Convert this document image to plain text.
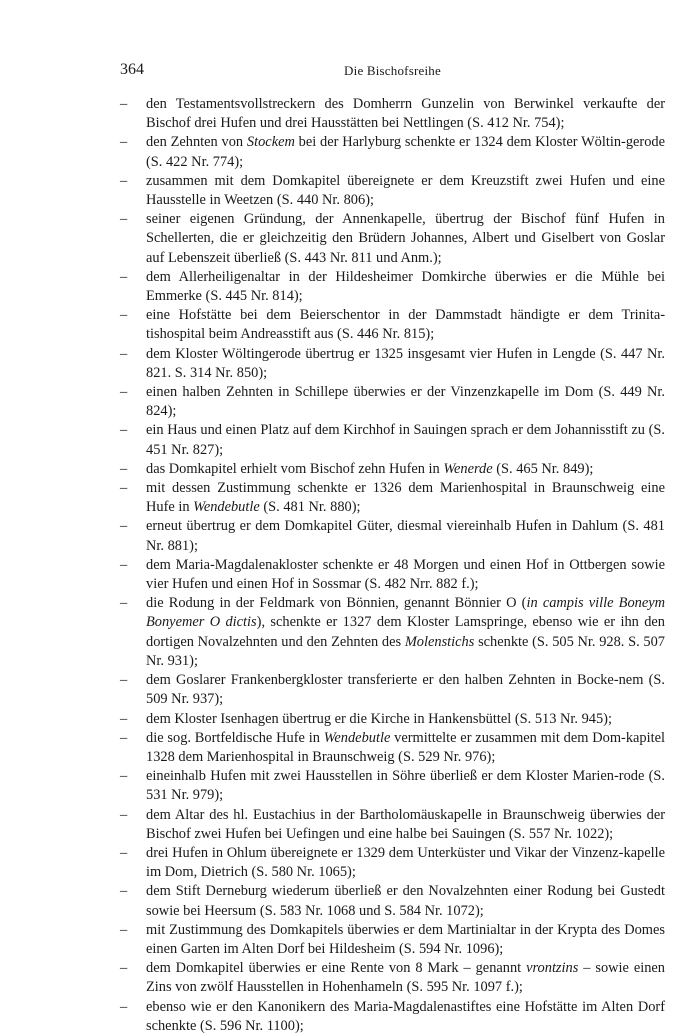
364	Die Bischofsreihe
– den Testamentsvollstreckern des Domherrn Gunzelin von Berwinkel verkaufte der Bischof drei Hufen und drei Hausstätten bei Nettlingen (S. 412 Nr. 754);
– den Zehnten von Stockem bei der Harlyburg schenkte er 1324 dem Kloster Wöltin-gerode (S. 422 Nr. 774);
– zusammen mit dem Domkapitel übereignete er dem Kreuzstift zwei Hufen und eine Hausstelle in Weetzen (S. 440 Nr. 806);
– seiner eigenen Gründung, der Annenkapelle, übertrug der Bischof fünf Hufen in Schellerten, die er gleichzeitig den Brüdern Johannes, Albert und Giselbert von Goslar auf Lebenszeit überließ (S. 443 Nr. 811 und Anm.);
– dem Allerheiligenaltar in der Hildesheimer Domkirche überwies er die Mühle bei Emmerke (S. 445 Nr. 814);
– eine Hofstätte bei dem Beierschentor in der Dammstadt händigte er dem Trinita-tishospital beim Andreasstift aus (S. 446 Nr. 815);
– dem Kloster Wöltingerode übertrug er 1325 insgesamt vier Hufen in Lengde (S. 447 Nr. 821. S. 314 Nr. 850);
– einen halben Zehnten in Schillepe überwies er der Vinzenzkapelle im Dom (S. 449 Nr. 824);
– ein Haus und einen Platz auf dem Kirchhof in Sauingen sprach er dem Johannisstift zu (S. 451 Nr. 827);
– das Domkapitel erhielt vom Bischof zehn Hufen in Wenerde (S. 465 Nr. 849);
– mit dessen Zustimmung schenkte er 1326 dem Marienhospital in Braunschweig eine Hufe in Wendebutle (S. 481 Nr. 880);
– erneut übertrug er dem Domkapitel Güter, diesmal viereinhalb Hufen in Dahlum (S. 481 Nr. 881);
– dem Maria-Magdalenakloster schenkte er 48 Morgen und einen Hof in Ottbergen sowie vier Hufen und einen Hof in Sossmar (S. 482 Nrr. 882 f.);
– die Rodung in der Feldmark von Bönnien, genannt Bönnier O (in campis ville Boneym Bonyemer O dictis), schenkte er 1327 dem Kloster Lamspringe, ebenso wie er ihn den dortigen Novalzehnten und den Zehnten des Molenstichs schenkte (S. 505 Nr. 928. S. 507 Nr. 931);
– dem Goslarer Frankenbergkloster transferierte er den halben Zehnten in Bocke-nem (S. 509 Nr. 937);
– dem Kloster Isenhagen übertrug er die Kirche in Hankensbüttel (S. 513 Nr. 945);
– die sog. Bortfeldische Hufe in Wendebutle vermittelte er zusammen mit dem Dom-kapitel 1328 dem Marienhospital in Braunschweig (S. 529 Nr. 976);
– eineinhalb Hufen mit zwei Hausstellen in Söhre überließ er dem Kloster Marien-rode (S. 531 Nr. 979);
– dem Altar des hl. Eustachius in der Bartholomäuskapelle in Braunschweig überwies der Bischof zwei Hufen bei Uefingen und eine halbe bei Sauingen (S. 557 Nr. 1022);
– drei Hufen in Ohlum übereignete er 1329 dem Unterküster und Vikar der Vinzenz-kapelle im Dom, Dietrich (S. 580 Nr. 1065);
– dem Stift Derneburg wiederum überließ er den Novalzehnten einer Rodung bei Gustedt sowie bei Heersum (S. 583 Nr. 1068 und S. 584 Nr. 1072);
– mit Zustimmung des Domkapitels überwies er dem Martinialtar in der Krypta des Domes einen Garten im Alten Dorf bei Hildesheim (S. 594 Nr. 1096);
– dem Domkapitel überwies er eine Rente von 8 Mark – genannt vrontzins – sowie einen Zins von zwölf Hausstellen in Hohenhameln (S. 595 Nr. 1097 f.);
– ebenso wie er den Kanonikern des Maria-Magdalenastiftes eine Hofstätte im Alten Dorf schenkte (S. 596 Nr. 1100);
